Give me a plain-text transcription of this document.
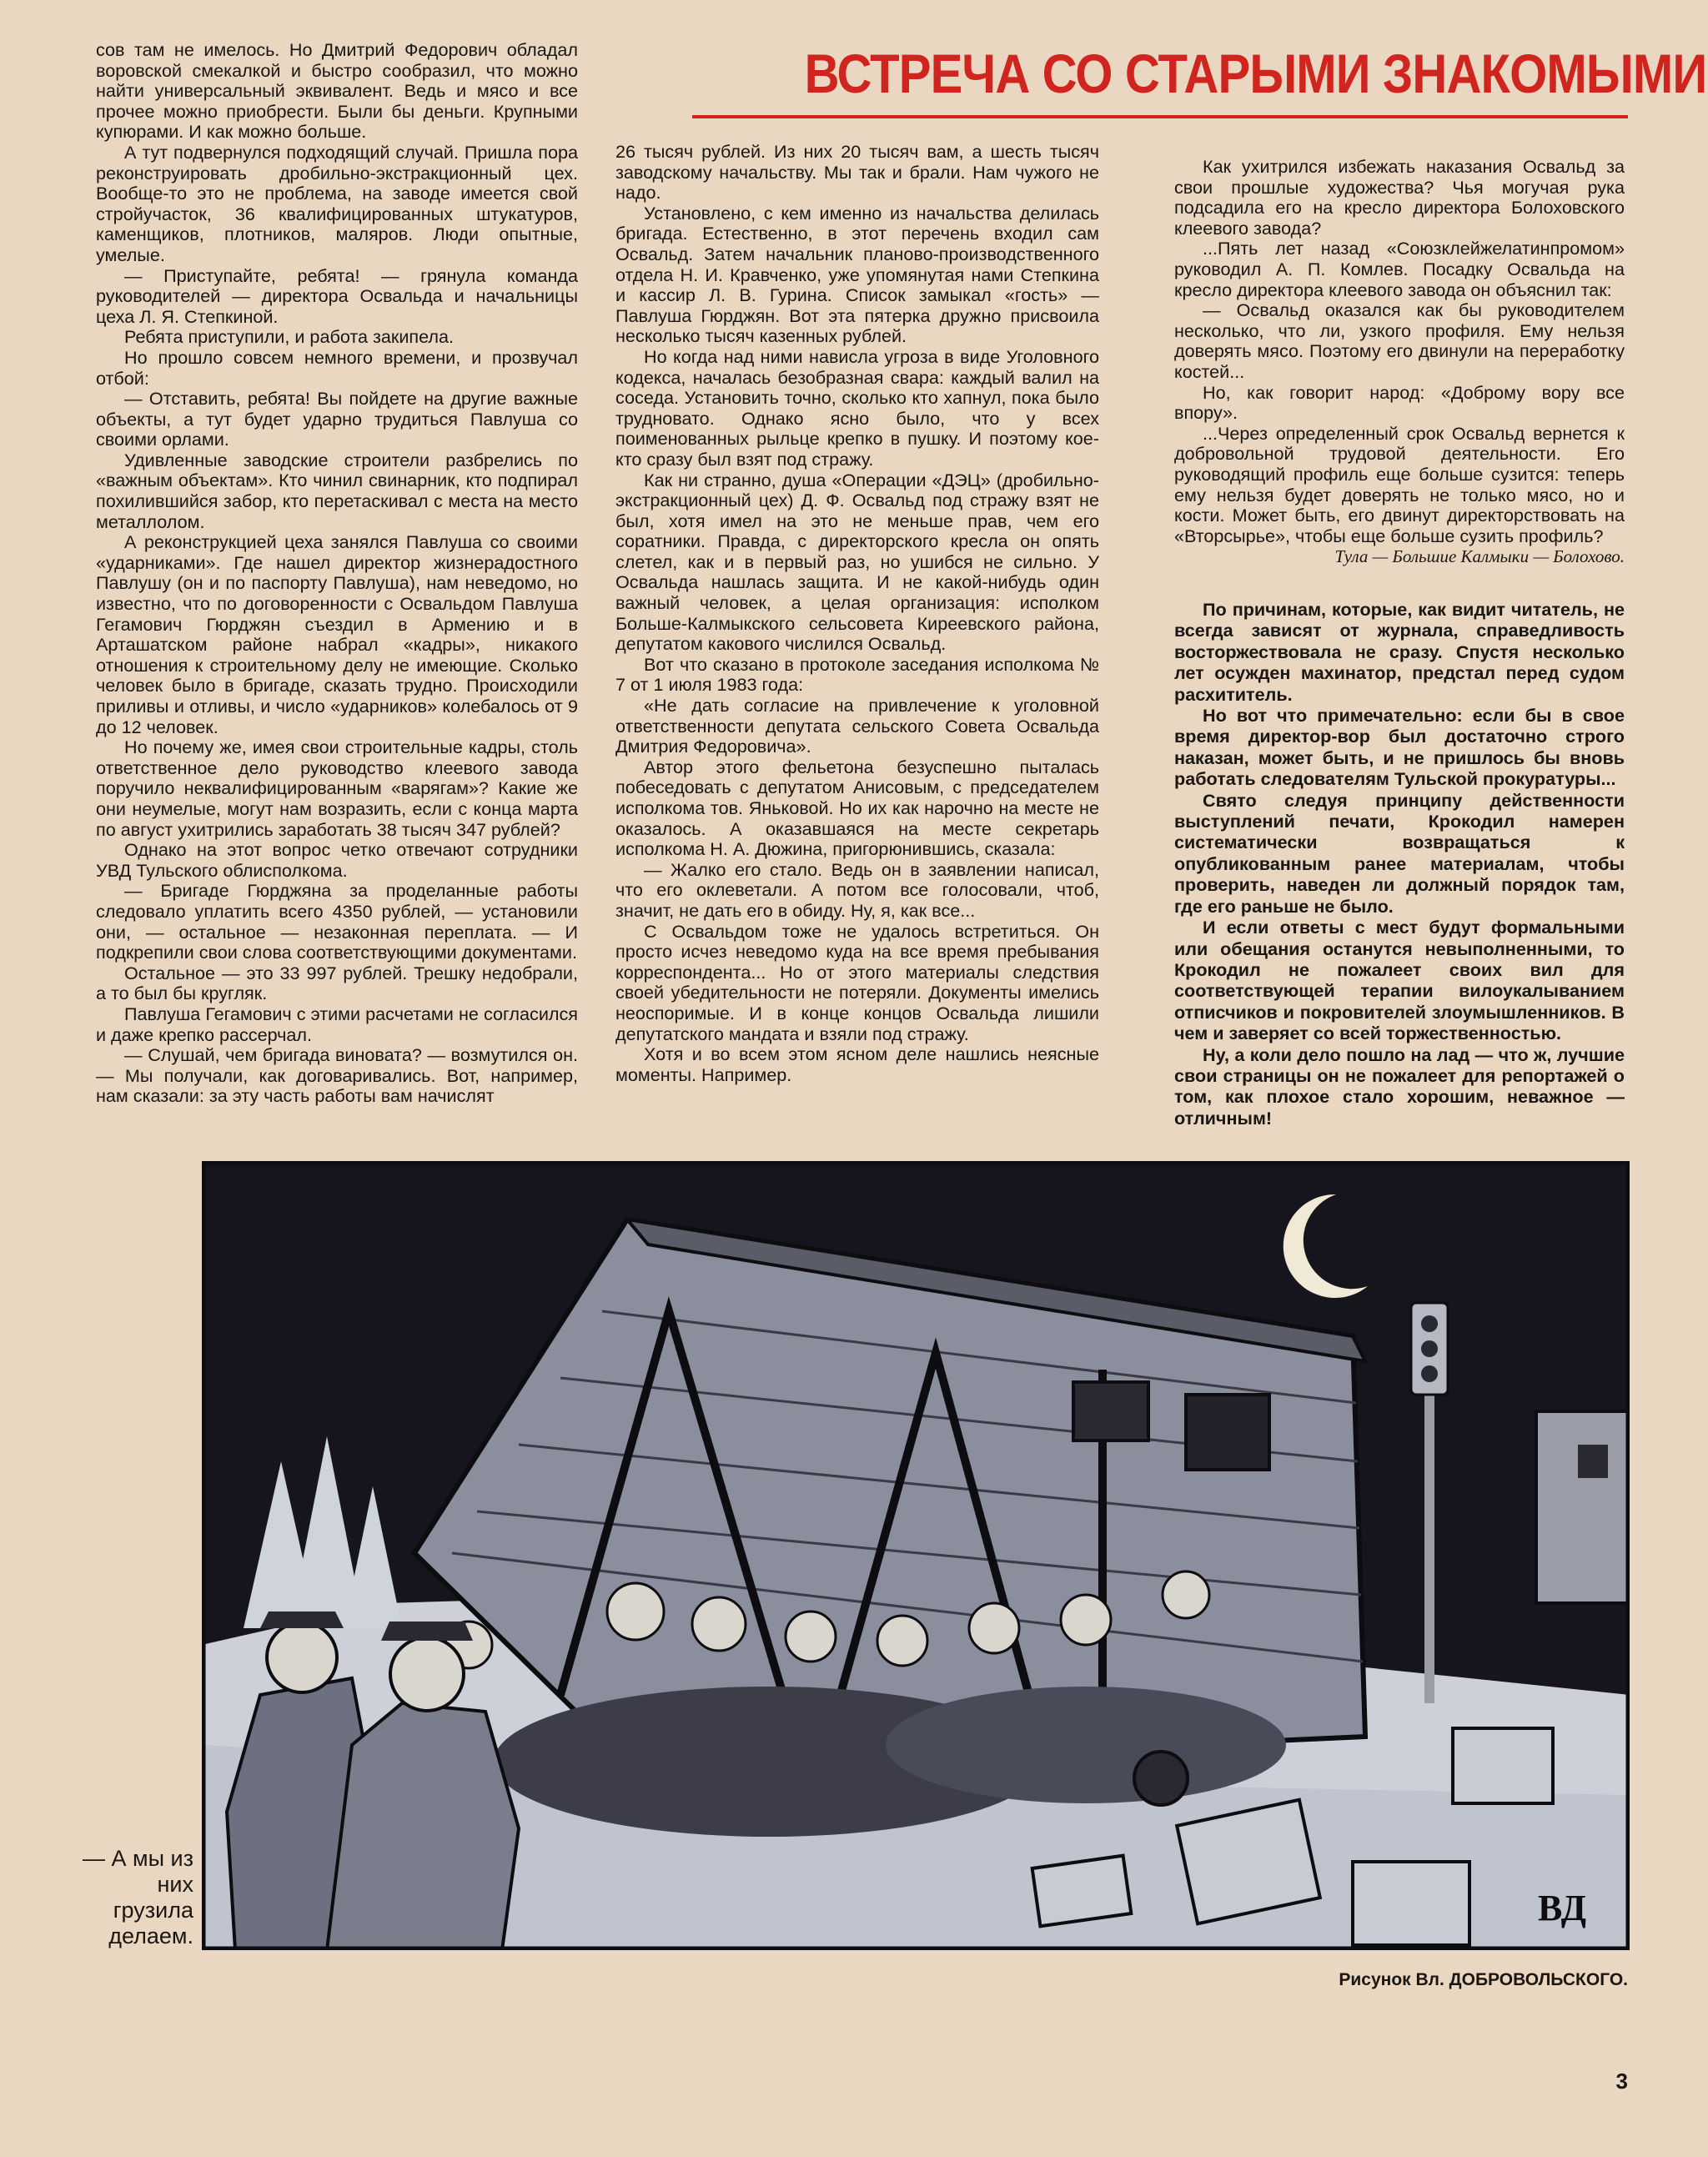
ВСТРЕЧА СО СТАРЫМИ ЗНАКОМЫМИ

сов там не имелось. Но Дмитрий Федорович обладал воровской смекалкой и быстро сообразил, что можно найти универсальный эквивалент. Ведь и мясо и все прочее можно приобрести. Были бы деньги. Крупными купюрами. И как можно больше.

А тут подвернулся подходящий случай. Пришла пора реконструировать дробильно-экстракционный цех. Вообще-то это не проблема, на заводе имеется свой стройучасток, 36 квалифицированных штукатуров, каменщиков, плотников, маляров. Люди опытные, умелые.

— Приступайте, ребята! — грянула команда руководителей — директора Освальда и начальницы цеха Л. Я. Степкиной.

Ребята приступили, и работа закипела.

Но прошло совсем немного времени, и прозвучал отбой:

— Отставить, ребята! Вы пойдете на другие важные объекты, а тут будет ударно трудиться Павлуша со своими орлами.

Удивленные заводские строители разбрелись по «важным объектам». Кто чинил свинарник, кто подпирал похилившийся забор, кто перетаскивал с места на место металлолом.

А реконструкцией цеха занялся Павлуша со своими «ударниками». Где нашел директор жизнерадостного Павлушу (он и по паспорту Павлуша), нам неведомо, но известно, что по договоренности с Освальдом Павлуша Гегамович Гюрджян съездил в Армению и в Арташатском районе набрал «кадры», никакого отношения к строительному делу не имеющие. Сколько человек было в бригаде, сказать трудно. Происходили приливы и отливы, и число «ударников» колебалось от 9 до 12 человек.

Но почему же, имея свои строительные кадры, столь ответственное дело руководство клеевого завода поручило неквалифицированным «варягам»? Какие же они неумелые, могут нам возразить, если с конца марта по август ухитрились заработать 38 тысяч 347 рублей?

Однако на этот вопрос четко отвечают сотрудники УВД Тульского облисполкома.

— Бригаде Гюрджяна за проделанные работы следовало уплатить всего 4350 рублей, — установили они, — остальное — незаконная переплата. — И подкрепили свои слова соответствующими документами.

Остальное — это 33 997 рублей. Трешку недобрали, а то был бы кругляк.

Павлуша Гегамович с этими расчетами не согласился и даже крепко рассерчал.

— Слушай, чем бригада виновата? — возмутился он. — Мы получали, как договаривались. Вот, например, нам сказали: за эту часть работы вам начислят

26 тысяч рублей. Из них 20 тысяч вам, а шесть тысяч заводскому начальству. Мы так и брали. Нам чужого не надо.

Установлено, с кем именно из начальства делилась бригада. Естественно, в этот перечень входил сам Освальд. Затем начальник планово-производственного отдела Н. И. Кравченко, уже упомянутая нами Степкина и кассир Л. В. Гурина. Список замыкал «гость» — Павлуша Гюрджян. Вот эта пятерка дружно присвоила несколько тысяч казенных рублей.

Но когда над ними нависла угроза в виде Уголовного кодекса, началась безобразная свара: каждый валил на соседа. Установить точно, сколько кто хапнул, пока было трудновато. Однако ясно было, что у всех поименованных рыльце крепко в пушку. И поэтому кое-кто сразу был взят под стражу.

Как ни странно, душа «Операции «ДЭЦ» (дробильно-экстракционный цех) Д. Ф. Освальд под стражу взят не был, хотя имел на это не меньше прав, чем его соратники. Правда, с директорского кресла он опять слетел, как и в первый раз, но ушибся не сильно. У Освальда нашлась защита. И не какой-нибудь один важный человек, а целая организация: исполком Больше-Калмыкского сельсовета Киреевского района, депутатом какового числился Освальд.

Вот что сказано в протоколе заседания исполкома № 7 от 1 июля 1983 года:

«Не дать согласие на привлечение к уголовной ответственности депутата сельского Совета Освальда Дмитрия Федоровича».

Автор этого фельетона безуспешно пыталась побеседовать с депутатом Анисовым, с председателем исполкома тов. Яньковой. Но их как нарочно на месте не оказалось. А оказавшаяся на месте секретарь исполкома Н. А. Дюжина, пригорюнившись, сказала:

— Жалко его стало. Ведь он в заявлении написал, что его оклеветали. А потом все голосовали, чтоб, значит, не дать его в обиду. Ну, я, как все...

С Освальдом тоже не удалось встретиться. Он просто исчез неведомо куда на все время пребывания корреспондента... Но от этого материалы следствия своей убедительности не потеряли. Документы имелись неоспоримые. И в конце концов Освальда лишили депутатского мандата и взяли под стражу.

Хотя и во всем этом ясном деле нашлись неясные моменты. Например.

Как ухитрился избежать наказания Освальд за свои прошлые художества? Чья могучая рука подсадила его на кресло директора Болоховского клеевого завода?

...Пять лет назад «Союзклейжелатинпромом» руководил А. П. Комлев. Посадку Освальда на кресло директора клеевого завода он объяснил так:

— Освальд оказался как бы руководителем несколько, что ли, узкого профиля. Ему нельзя доверять мясо. Поэтому его двинули на переработку костей...

Но, как говорит народ: «Доброму вору все впору».

...Через определенный срок Освальд вернется к добровольной трудовой деятельности. Его руководящий профиль еще больше сузится: теперь ему нельзя будет доверять не только мясо, но и кости. Может быть, его двинут директорствовать на «Вторсырье», чтобы еще больше сузить профиль?

Тула — Большие Калмыки — Болохово.

По причинам, которые, как видит читатель, не всегда зависят от журнала, справедливость восторжествовала не сразу. Спустя несколько лет осужден махинатор, предстал перед судом расхититель.

Но вот что примечательно: если бы в свое время директор-вор был достаточно строго наказан, может быть, и не пришлось бы вновь работать следователям Тульской прокуратуры...

Свято следуя принципу действенности выступлений печати, Крокодил намерен систематически возвращаться к опубликованным ранее материалам, чтобы проверить, наведен ли должный порядок там, где его раньше не было.

И если ответы с мест будут формальными или обещания останутся невыполненными, то Крокодил не пожалеет своих вил для соответствующей терапии вилоукалыванием отписчиков и покровителей злоумышленников. В чем и заверяет со всей торжественностью.

Ну, а коли дело пошло на лад — что ж, лучшие свои страницы он не пожалеет для репортажей о том, как плохое стало хорошим, неважное — отличным!

ВД

— А мы из них грузила делаем.

Рисунок Вл. ДОБРОВОЛЬСКОГО.

3
